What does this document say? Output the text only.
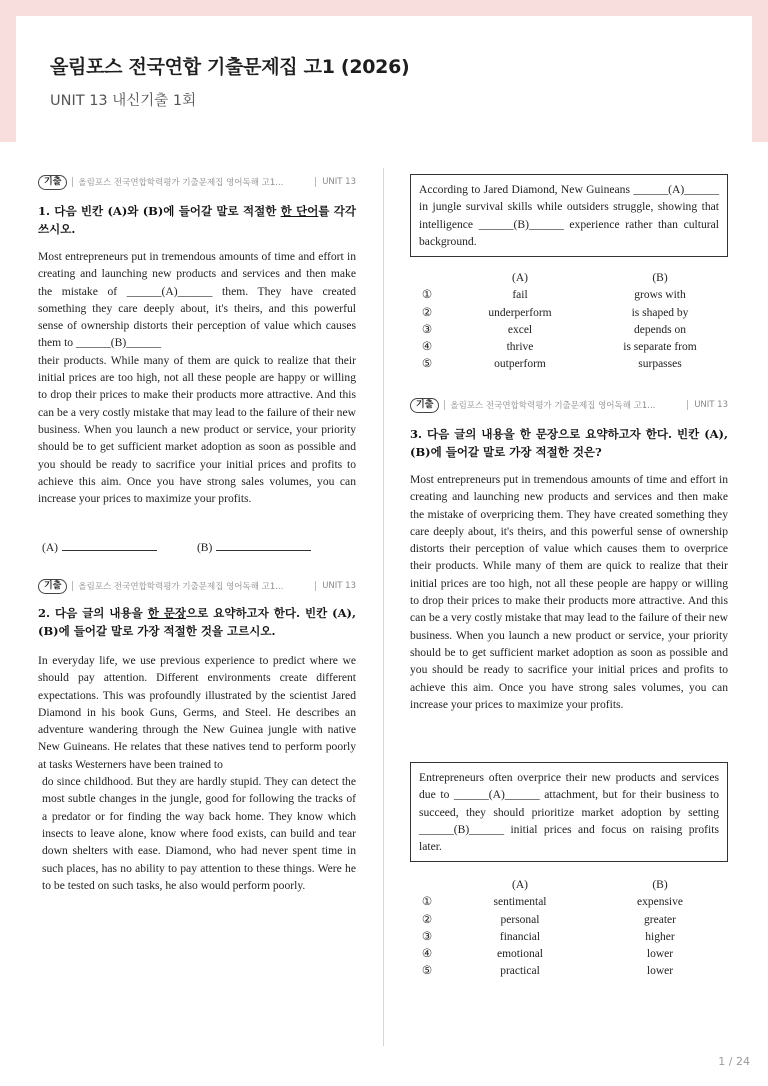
올림포스 전국연합 기출문제집 고1 (2026)
UNIT 13 내신기출 1회
기출	올림포스 전국연합학력평가 기출문제집 영어독해 고1...	UNIT 13
1. 다음 빈칸 (A)와 (B)에 들어갈 말로 적절한 한 단어를 각각 쓰시오.
Most entrepreneurs put in tremendous amounts of time and effort in creating and launching new products and services and then make the mistake of ______(A)______ them. They have created something they care deeply about, it's theirs, and this powerful sense of ownership distorts their perception of value which causes them to ______(B)______
their products. While many of them are quick to realize that their initial prices are too high, not all these people are happy or willing to drop their prices to make their products more attractive. And this can be a very costly mistake that may lead to the failure of their new business. When you launch a new product or service, your priority should be to get sufficient market adoption as soon as possible and you should be ready to sacrifice your initial prices and profits to achieve this aim. Once you have strong sales volumes, you can increase your prices to maximize your profits.
(A)	(B)
기출	올림포스 전국연합학력평가 기출문제집 영어독해 고1...	UNIT 13
2. 다음 글의 내용을 한 문장으로 요약하고자 한다. 빈칸 (A), (B)에 들어갈 말로 가장 적절한 것을 고르시오.
In everyday life, we use previous experience to predict where we should pay attention. Different environments create different expectations. This was profoundly illustrated by the scientist Jared Diamond in his book Guns, Germs, and Steel. He describes an adventure wandering through the New Guinea jungle with native New Guineans. He relates that these natives tend to perform poorly at tasks Westerners have been trained to
do since childhood. But they are hardly stupid. They can detect the most subtle changes in the jungle, good for following the tracks of a predator or for finding the way back home. They know which insects to leave alone, know where food exists, can build and tear down shelters with ease. Diamond, who had never spent time in such places, has no ability to pay attention to these things. Were he to be tested on such tasks, he also would perform poorly.
According to Jared Diamond, New Guineans ______(A)______ in jungle survival skills while outsiders struggle, showing that intelligence ______(B)______ experience rather than cultural background.
(A)	(B)
①	fail	grows with
②	underperform	is shaped by
③	excel	depends on
④	thrive	is separate from
⑤	outperform	surpasses
기출	올림포스 전국연합학력평가 기출문제집 영어독해 고1...	UNIT 13
3. 다음 글의 내용을 한 문장으로 요약하고자 한다. 빈칸 (A), (B)에 들어갈 말로 가장 적절한 것은?
Most entrepreneurs put in tremendous amounts of time and effort in creating and launching new products and services and then make the mistake of overpricing them. They have created something they care deeply about, it's theirs, and this powerful sense of ownership distorts their perception of value which causes them to overprice their products. While many of them are quick to realize that their initial prices are too high, not all these people are happy or willing to drop their prices to make their products more attractive. And this can be a very costly mistake that may lead to the failure of their new business. When you launch a new product or service, your priority should be to get sufficient market adoption as soon as possible and you should be ready to sacrifice your initial prices and profits to achieve this aim. Once you have strong sales volumes, you can increase your prices to maximize your profits.
Entrepreneurs often overprice their new products and services due to ______(A)______ attachment, but for their business to succeed, they should prioritize market adoption by setting ______(B)______ initial prices and focus on raising profits later.
(A)	(B)
①	sentimental	expensive
②	personal	greater
③	financial	higher
④	emotional	lower
⑤	practical	lower
1 / 24
